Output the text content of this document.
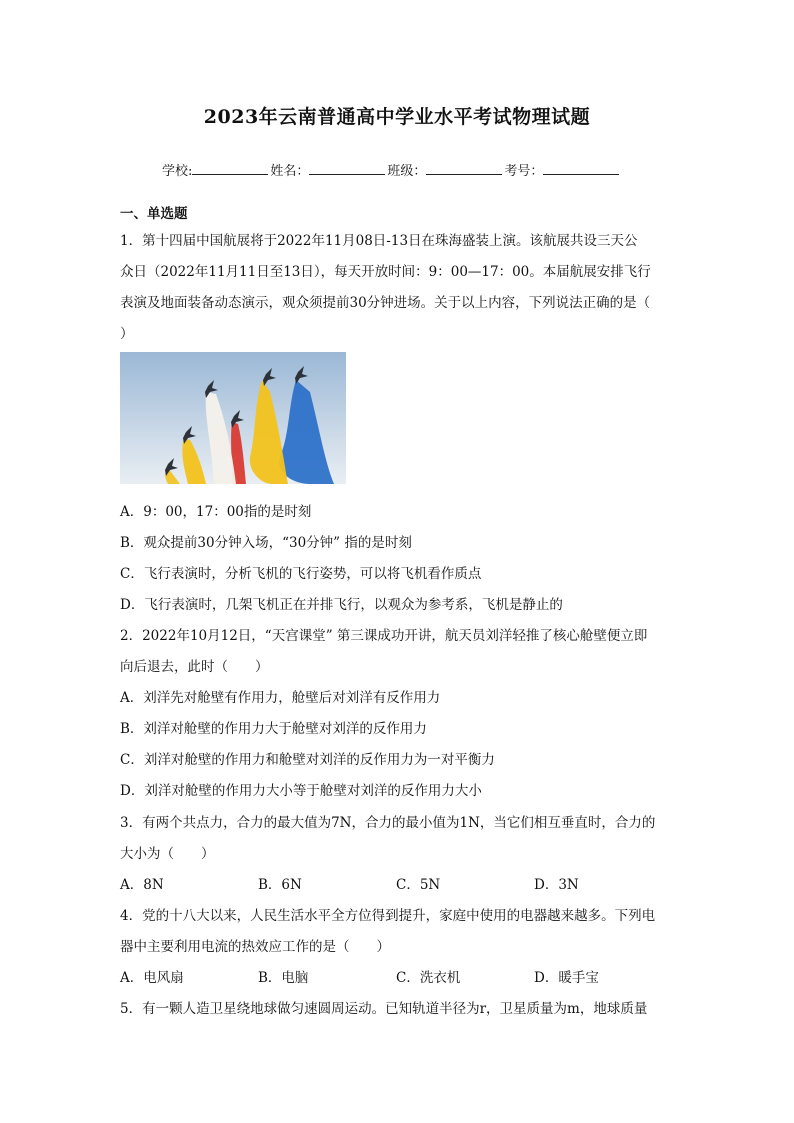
2023年云南普通高中学业水平考试物理试题
学校:	姓名：	班级：	考号：
一、单选题
1．第十四届中国航展将于2022年11月08日-13日在珠海盛装上演。该航展共设三天公
众日（2022年11月11日至13日），每天开放时间：9：00—17：00。本届航展安排飞行
表演及地面装备动态演示，观众须提前30分钟进场。关于以上内容，下列说法正确的是（
）
A．9：00，17：00指的是时刻
B．观众提前30分钟入场，“30分钟” 指的是时刻
C．飞行表演时，分析飞机的飞行姿势，可以将飞机看作质点
D．飞行表演时，几架飞机正在并排飞行，以观众为参考系，飞机是静止的
2．2022年10月12日，“天宫课堂” 第三课成功开讲，航天员刘洋轻推了核心舱壁便立即
向后退去，此时（　　）
A．刘洋先对舱壁有作用力，舱壁后对刘洋有反作用力
B．刘洋对舱壁的作用力大于舱壁对刘洋的反作用力
C．刘洋对舱壁的作用力和舱壁对刘洋的反作用力为一对平衡力
D．刘洋对舱壁的作用力大小等于舱壁对刘洋的反作用力大小
3．有两个共点力，合力的最大值为7N，合力的最小值为1N，当它们相互垂直时，合力的
大小为（　　）
A．8N	B．6N	C．5N	D．3N
4．党的十八大以来，人民生活水平全方位得到提升，家庭中使用的电器越来越多。下列电
器中主要利用电流的热效应工作的是（　　）
A．电风扇	B．电脑	C．洗衣机	D．暖手宝
5．有一颗人造卫星绕地球做匀速圆周运动。已知轨道半径为r，卫星质量为m，地球质量
